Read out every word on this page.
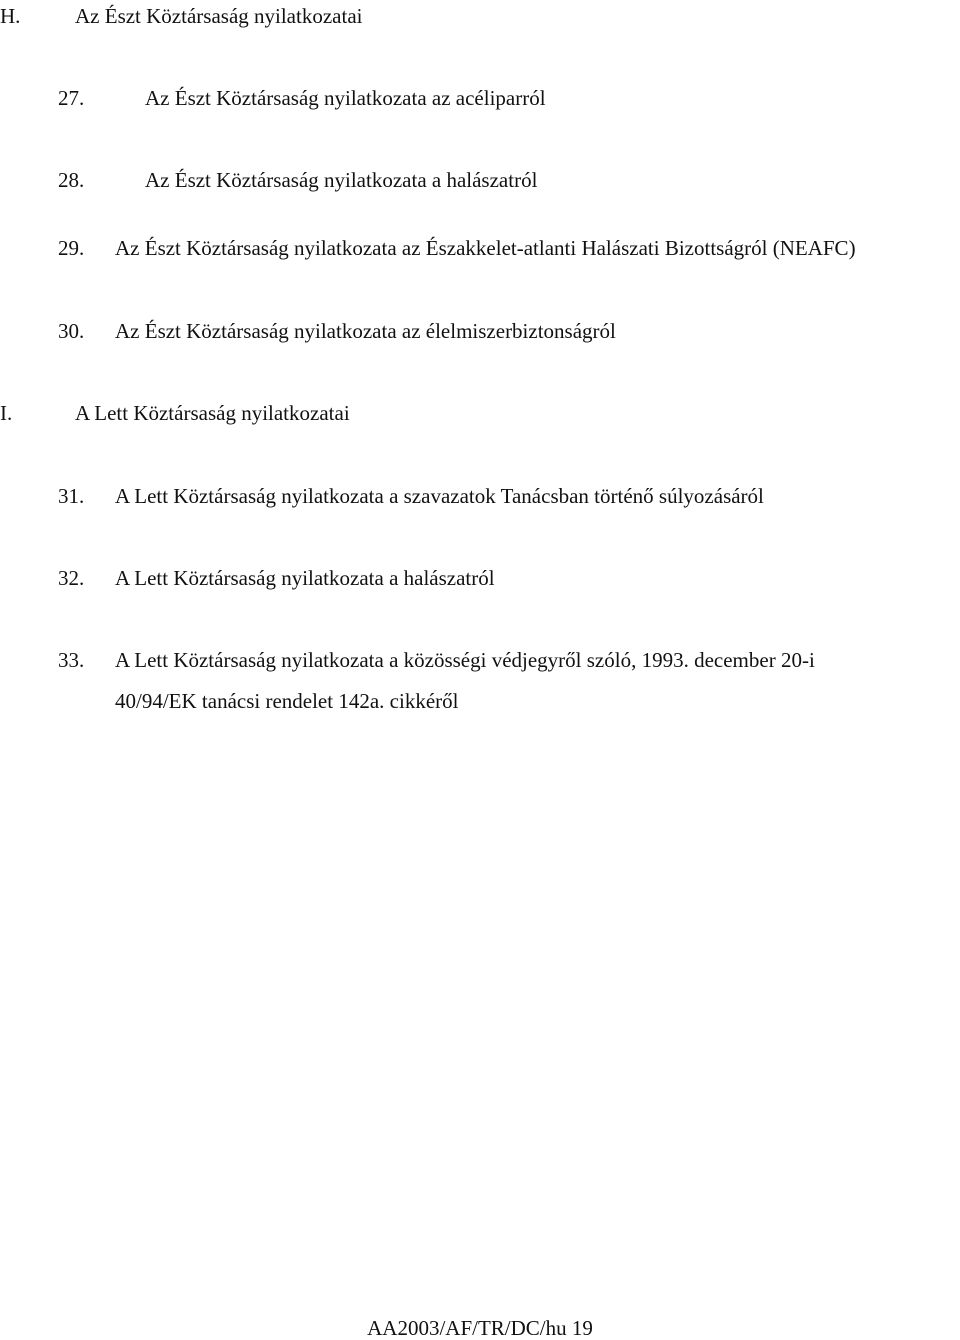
H.	Az Észt Köztársaság nyilatkozatai
27.	Az Észt Köztársaság nyilatkozata az acéliparról
28.	Az Észt Köztársaság nyilatkozata a halászatról
29. Az Észt Köztársaság nyilatkozata az Északkelet-atlanti Halászati Bizottságról (NEAFC)
30. Az Észt Köztársaság nyilatkozata az élelmiszerbiztonságról
I.	A Lett Köztársaság nyilatkozatai
31. A Lett Köztársaság nyilatkozata a szavazatok Tanácsban történő súlyozásáról
32. A Lett Köztársaság nyilatkozata a halászatról
33. A Lett Köztársaság nyilatkozata a közösségi védjegyről szóló, 1993. december 20-i
40/94/EK tanácsi rendelet 142a. cikkéről
AA2003/AF/TR/DC/hu 19
